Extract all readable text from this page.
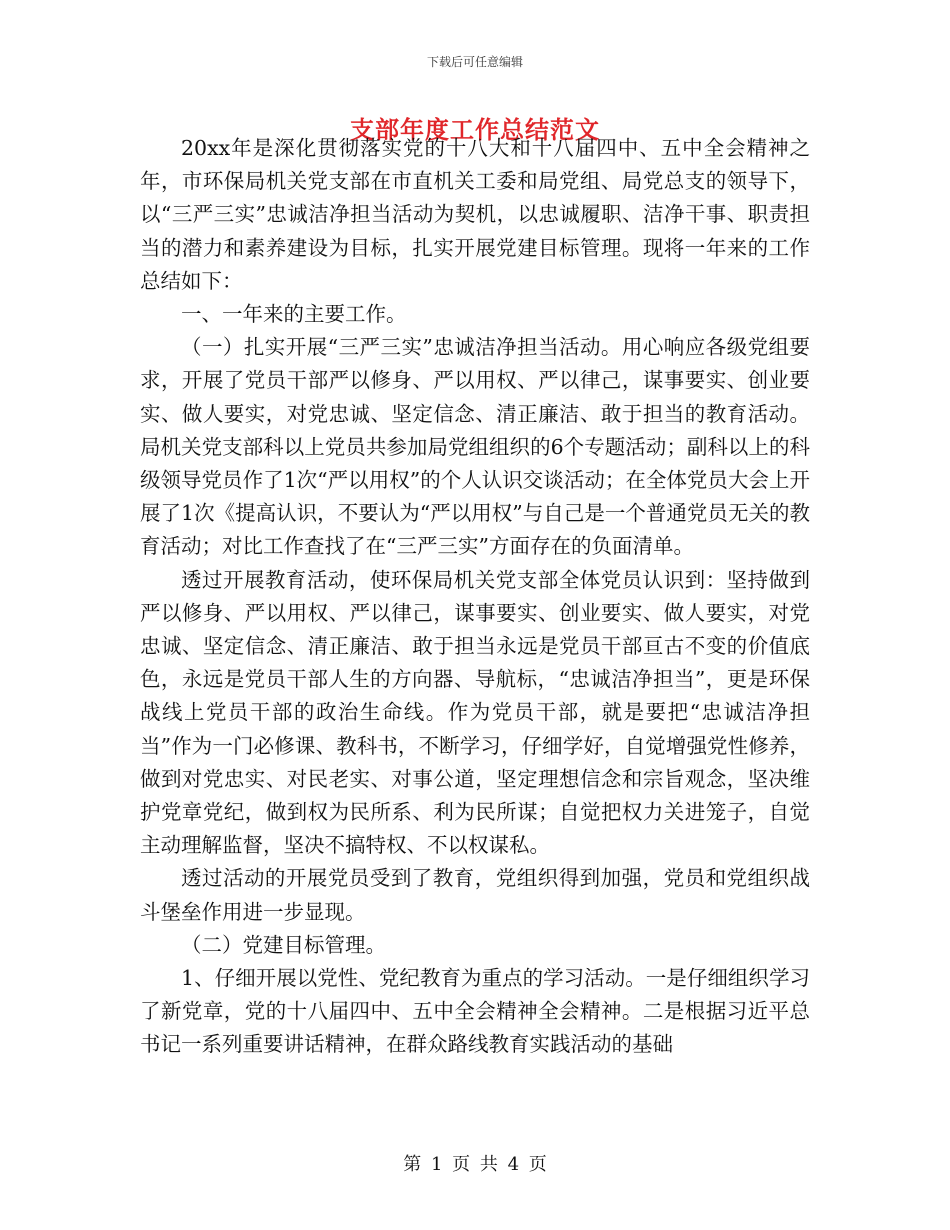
下载后可任意编辑
支部年度工作总结范文

20xx年是深化贯彻落实党的十八大和十八届四中、五中全会精神之年，市环保局机关党支部在市直机关工委和局党组、局党总支的领导下，以“三严三实”忠诚洁净担当活动为契机，以忠诚履职、洁净干事、职责担当的潜力和素养建设为目标，扎实开展党建目标管理。现将一年来的工作总结如下：

一、一年来的主要工作。

（一）扎实开展“三严三实”忠诚洁净担当活动。用心响应各级党组要求，开展了党员干部严以修身、严以用权、严以律己，谋事要实、创业要实、做人要实，对党忠诚、坚定信念、清正廉洁、敢于担当的教育活动。局机关党支部科以上党员共参加局党组组织的6个专题活动；副科以上的科级领导党员作了1次“严以用权”的个人认识交谈活动；在全体党员大会上开展了1次《提高认识，不要认为“严以用权”与自己是一个普通党员无关的教育活动；对比工作查找了在“三严三实”方面存在的负面清单。

透过开展教育活动，使环保局机关党支部全体党员认识到：坚持做到严以修身、严以用权、严以律己，谋事要实、创业要实、做人要实，对党忠诚、坚定信念、清正廉洁、敢于担当永远是党员干部亘古不变的价值底色，永远是党员干部人生的方向器、导航标，“忠诚洁净担当”，更是环保战线上党员干部的政治生命线。作为党员干部，就是要把“忠诚洁净担当”作为一门必修课、教科书，不断学习，仔细学好，自觉增强党性修养，做到对党忠实、对民老实、对事公道，坚定理想信念和宗旨观念，坚决维护党章党纪，做到权为民所系、利为民所谋；自觉把权力关进笼子，自觉主动理解监督，坚决不搞特权、不以权谋私。

透过活动的开展党员受到了教育，党组织得到加强，党员和党组织战斗堡垒作用进一步显现。

（二）党建目标管理。

1、仔细开展以党性、党纪教育为重点的学习活动。一是仔细组织学习了新党章，党的十八届四中、五中全会精神全会精神。二是根据习近平总书记一系列重要讲话精神，在群众路线教育实践活动的基础

第 1 页 共 4 页
